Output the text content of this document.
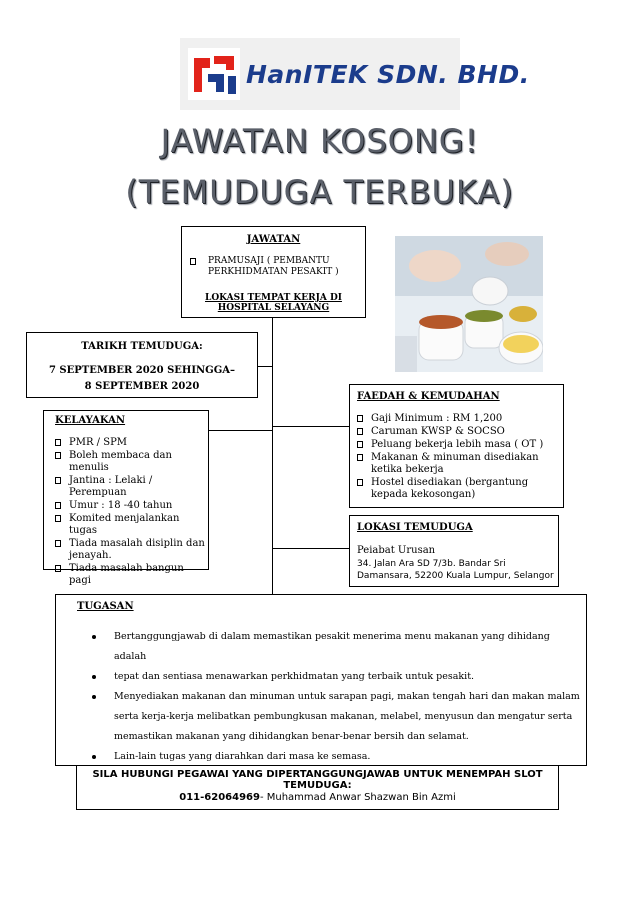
HanITEK SDN. BHD.
JAWATAN KOSONG!
(TEMUDUGA TERBUKA)
JAWATAN
PRAMUSAJI ( PEMBANTU PERKHIDMATAN PESAKIT )
LOKASI TEMPAT KERJA DI HOSPITAL SELAYANG
TARIKH TEMUDUGA:
7 SEPTEMBER 2020 SEHINGGA–
8 SEPTEMBER 2020
FAEDAH & KEMUDAHAN
Gaji Minimum : RM 1,200
Caruman KWSP & SOCSO
Peluang bekerja lebih masa ( OT )
Makanan & minuman disediakan ketika bekerja
Hostel disediakan (bergantung kepada kekosongan)
KELAYAKAN
PMR / SPM
Boleh membaca dan menulis
Jantina : Lelaki / Perempuan
Umur : 18 -40 tahun
Komited menjalankan tugas
Tiada masalah disiplin dan jenayah.
Tiada masalah bangun pagi
LOKASI TEMUDUGA
Peiabat Urusan
34. Jalan Ara SD 7/3b. Bandar Sri Damansara, 52200 Kuala Lumpur, Selangor
TUGASAN
Bertanggungjawab di dalam memastikan pesakit menerima menu makanan yang dihidang adalah
tepat dan sentiasa menawarkan perkhidmatan yang terbaik untuk pesakit.
Menyediakan makanan dan minuman untuk sarapan pagi, makan tengah hari dan makan malam serta kerja-kerja melibatkan pembungkusan makanan, melabel, menyusun dan mengatur serta memastikan makanan yang dihidangkan benar-benar bersih dan selamat.
Lain-lain tugas yang diarahkan dari masa ke semasa.
SILA HUBUNGI PEGAWAI YANG DIPERTANGGUNGJAWAB UNTUK MENEMPAH SLOT TEMUDUGA:
011-62064969- Muhammad Anwar Shazwan Bin Azmi
